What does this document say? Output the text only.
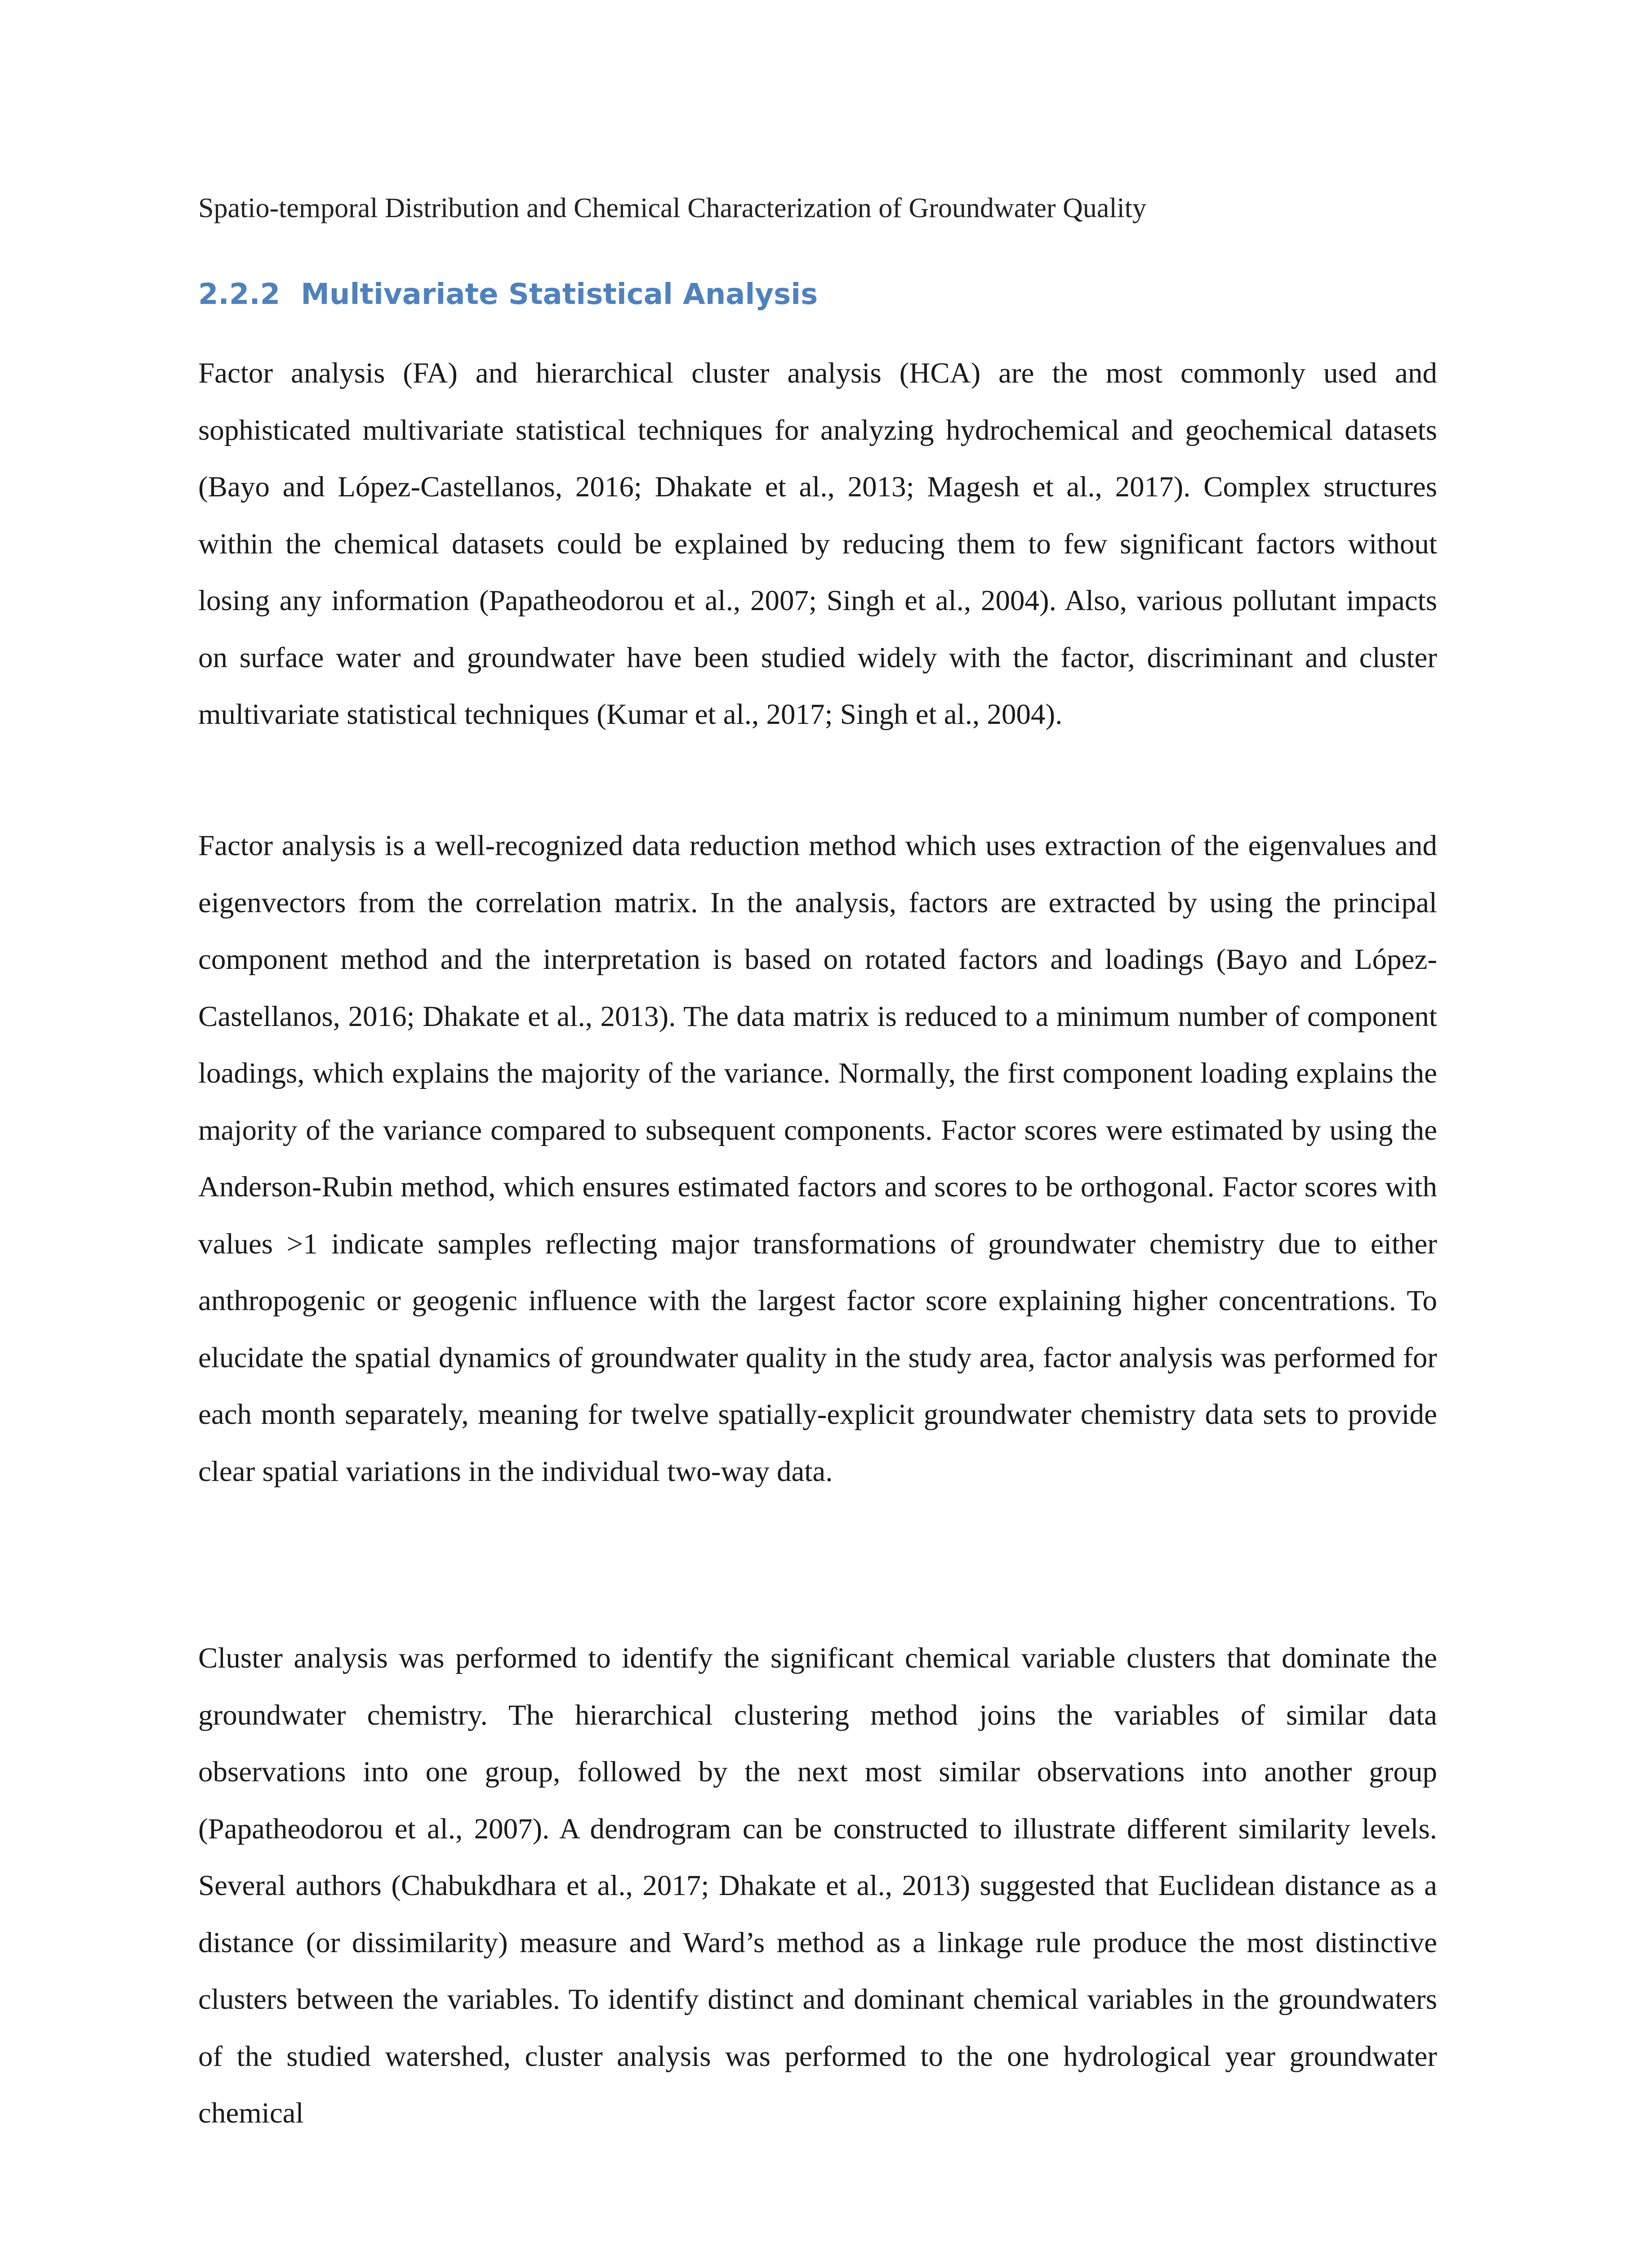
Spatio-temporal Distribution and Chemical Characterization of Groundwater Quality
2.2.2 Multivariate Statistical Analysis

Factor analysis (FA) and hierarchical cluster analysis (HCA) are the most commonly used and sophisticated multivariate statistical techniques for analyzing hydrochemical and geochemical datasets (Bayo and López-Castellanos, 2016; Dhakate et al., 2013; Magesh et al., 2017). Complex structures within the chemical datasets could be explained by reducing them to few significant factors without losing any information (Papatheodorou et al., 2007; Singh et al., 2004). Also, various pollutant impacts on surface water and groundwater have been studied widely with the factor, discriminant and cluster multivariate statistical techniques (Kumar et al., 2017; Singh et al., 2004).

Factor analysis is a well-recognized data reduction method which uses extraction of the eigenvalues and eigenvectors from the correlation matrix. In the analysis, factors are extracted by using the principal component method and the interpretation is based on rotated factors and loadings (Bayo and López-Castellanos, 2016; Dhakate et al., 2013). The data matrix is reduced to a minimum number of component loadings, which explains the majority of the variance. Normally, the first component loading explains the majority of the variance compared to subsequent components. Factor scores were estimated by using the Anderson-Rubin method, which ensures estimated factors and scores to be orthogonal. Factor scores with values >1 indicate samples reflecting major transformations of groundwater chemistry due to either anthropogenic or geogenic influence with the largest factor score explaining higher concentrations. To elucidate the spatial dynamics of groundwater quality in the study area, factor analysis was performed for each month separately, meaning for twelve spatially-explicit groundwater chemistry data sets to provide clear spatial variations in the individual two-way data.

Cluster analysis was performed to identify the significant chemical variable clusters that dominate the groundwater chemistry. The hierarchical clustering method joins the variables of similar data observations into one group, followed by the next most similar observations into another group (Papatheodorou et al., 2007). A dendrogram can be constructed to illustrate different similarity levels. Several authors (Chabukdhara et al., 2017; Dhakate et al., 2013) suggested that Euclidean distance as a distance (or dissimilarity) measure and Ward’s method as a linkage rule produce the most distinctive clusters between the variables. To identify distinct and dominant chemical variables in the groundwaters of the studied watershed, cluster analysis was performed to the one hydrological year groundwater chemical
